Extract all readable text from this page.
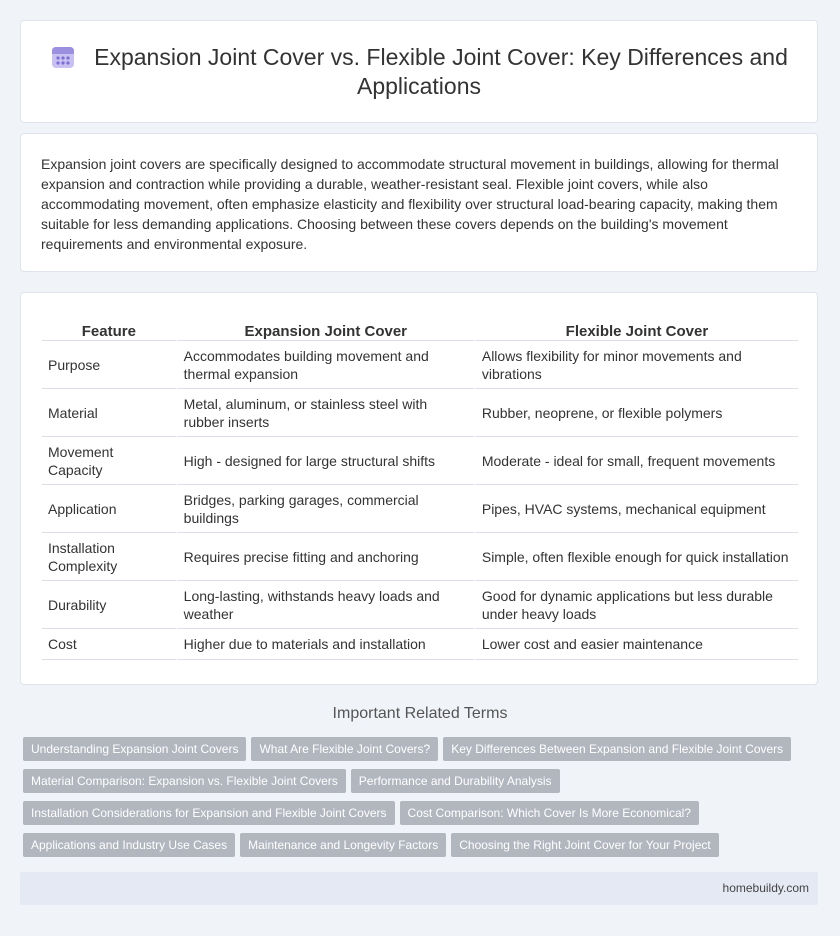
Expansion Joint Cover vs. Flexible Joint Cover: Key Differences and Applications
Expansion joint covers are specifically designed to accommodate structural movement in buildings, allowing for thermal expansion and contraction while providing a durable, weather-resistant seal. Flexible joint covers, while also accommodating movement, often emphasize elasticity and flexibility over structural load-bearing capacity, making them suitable for less demanding applications. Choosing between these covers depends on the building's movement requirements and environmental exposure.
Feature	Expansion Joint Cover	Flexible Joint Cover
Purpose	Accommodates building movement and thermal expansion	Allows flexibility for minor movements and vibrations
Material	Metal, aluminum, or stainless steel with rubber inserts	Rubber, neoprene, or flexible polymers
Movement Capacity	High - designed for large structural shifts	Moderate - ideal for small, frequent movements
Application	Bridges, parking garages, commercial buildings	Pipes, HVAC systems, mechanical equipment
Installation Complexity	Requires precise fitting and anchoring	Simple, often flexible enough for quick installation
Durability	Long-lasting, withstands heavy loads and weather	Good for dynamic applications but less durable under heavy loads
Cost	Higher due to materials and installation	Lower cost and easier maintenance
Important Related Terms
Understanding Expansion Joint Covers What Are Flexible Joint Covers? Key Differences Between Expansion and Flexible Joint Covers
Material Comparison: Expansion vs. Flexible Joint Covers Performance and Durability Analysis
Installation Considerations for Expansion and Flexible Joint Covers Cost Comparison: Which Cover Is More Economical?
Applications and Industry Use Cases Maintenance and Longevity Factors Choosing the Right Joint Cover for Your Project
homebuildy.com
